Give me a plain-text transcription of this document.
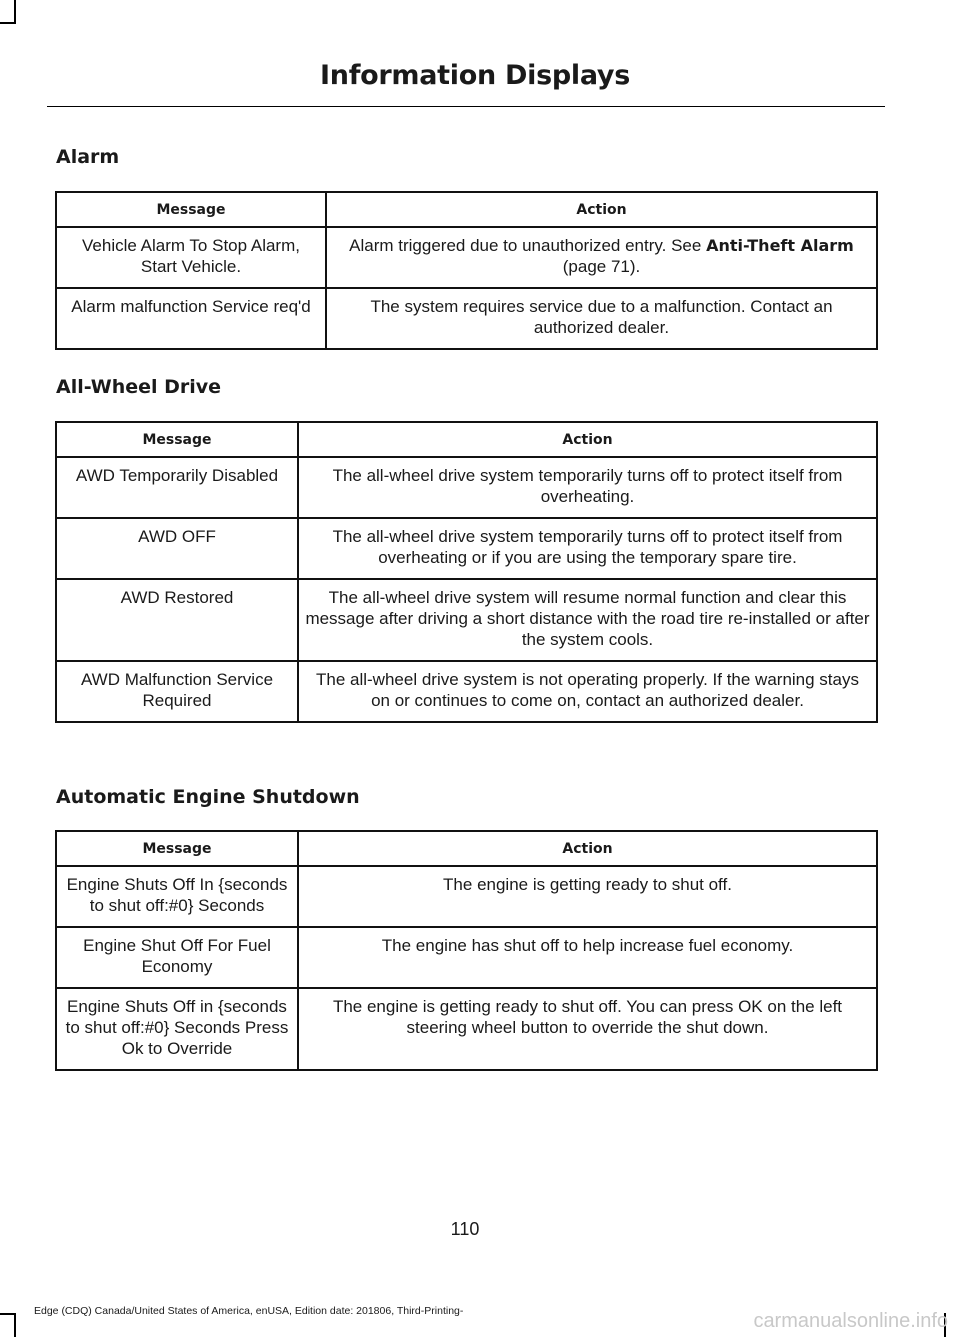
Information Displays
Alarm
Message	Action
Vehicle Alarm To Stop Alarm, Start Vehicle.	Alarm triggered due to unauthorized entry. See Anti-Theft Alarm (page 71).
Alarm malfunction Service req'd	The system requires service due to a malfunction. Contact an authorized dealer.
All-Wheel Drive
Message	Action
AWD Temporarily Disabled	The all-wheel drive system temporarily turns off to protect itself from overheating.
AWD OFF	The all-wheel drive system temporarily turns off to protect itself from overheating or if you are using the temporary spare tire.
AWD Restored	The all-wheel drive system will resume normal function and clear this message after driving a short distance with the road tire re-installed or after the system cools.
AWD Malfunction Service Required	The all-wheel drive system is not operating properly. If the warning stays on or continues to come on, contact an authorized dealer.
Automatic Engine Shutdown
Message	Action
Engine Shuts Off In {seconds to shut off:#0} Seconds	The engine is getting ready to shut off.
Engine Shut Off For Fuel Economy	The engine has shut off to help increase fuel economy.
Engine Shuts Off in {seconds to shut off:#0} Seconds Press Ok to Override	The engine is getting ready to shut off. You can press OK on the left steering wheel button to override the shut down.
110
Edge (CDQ) Canada/United States of America, enUSA, Edition date: 201806, Third-Printing-	carmanualsonline.info
